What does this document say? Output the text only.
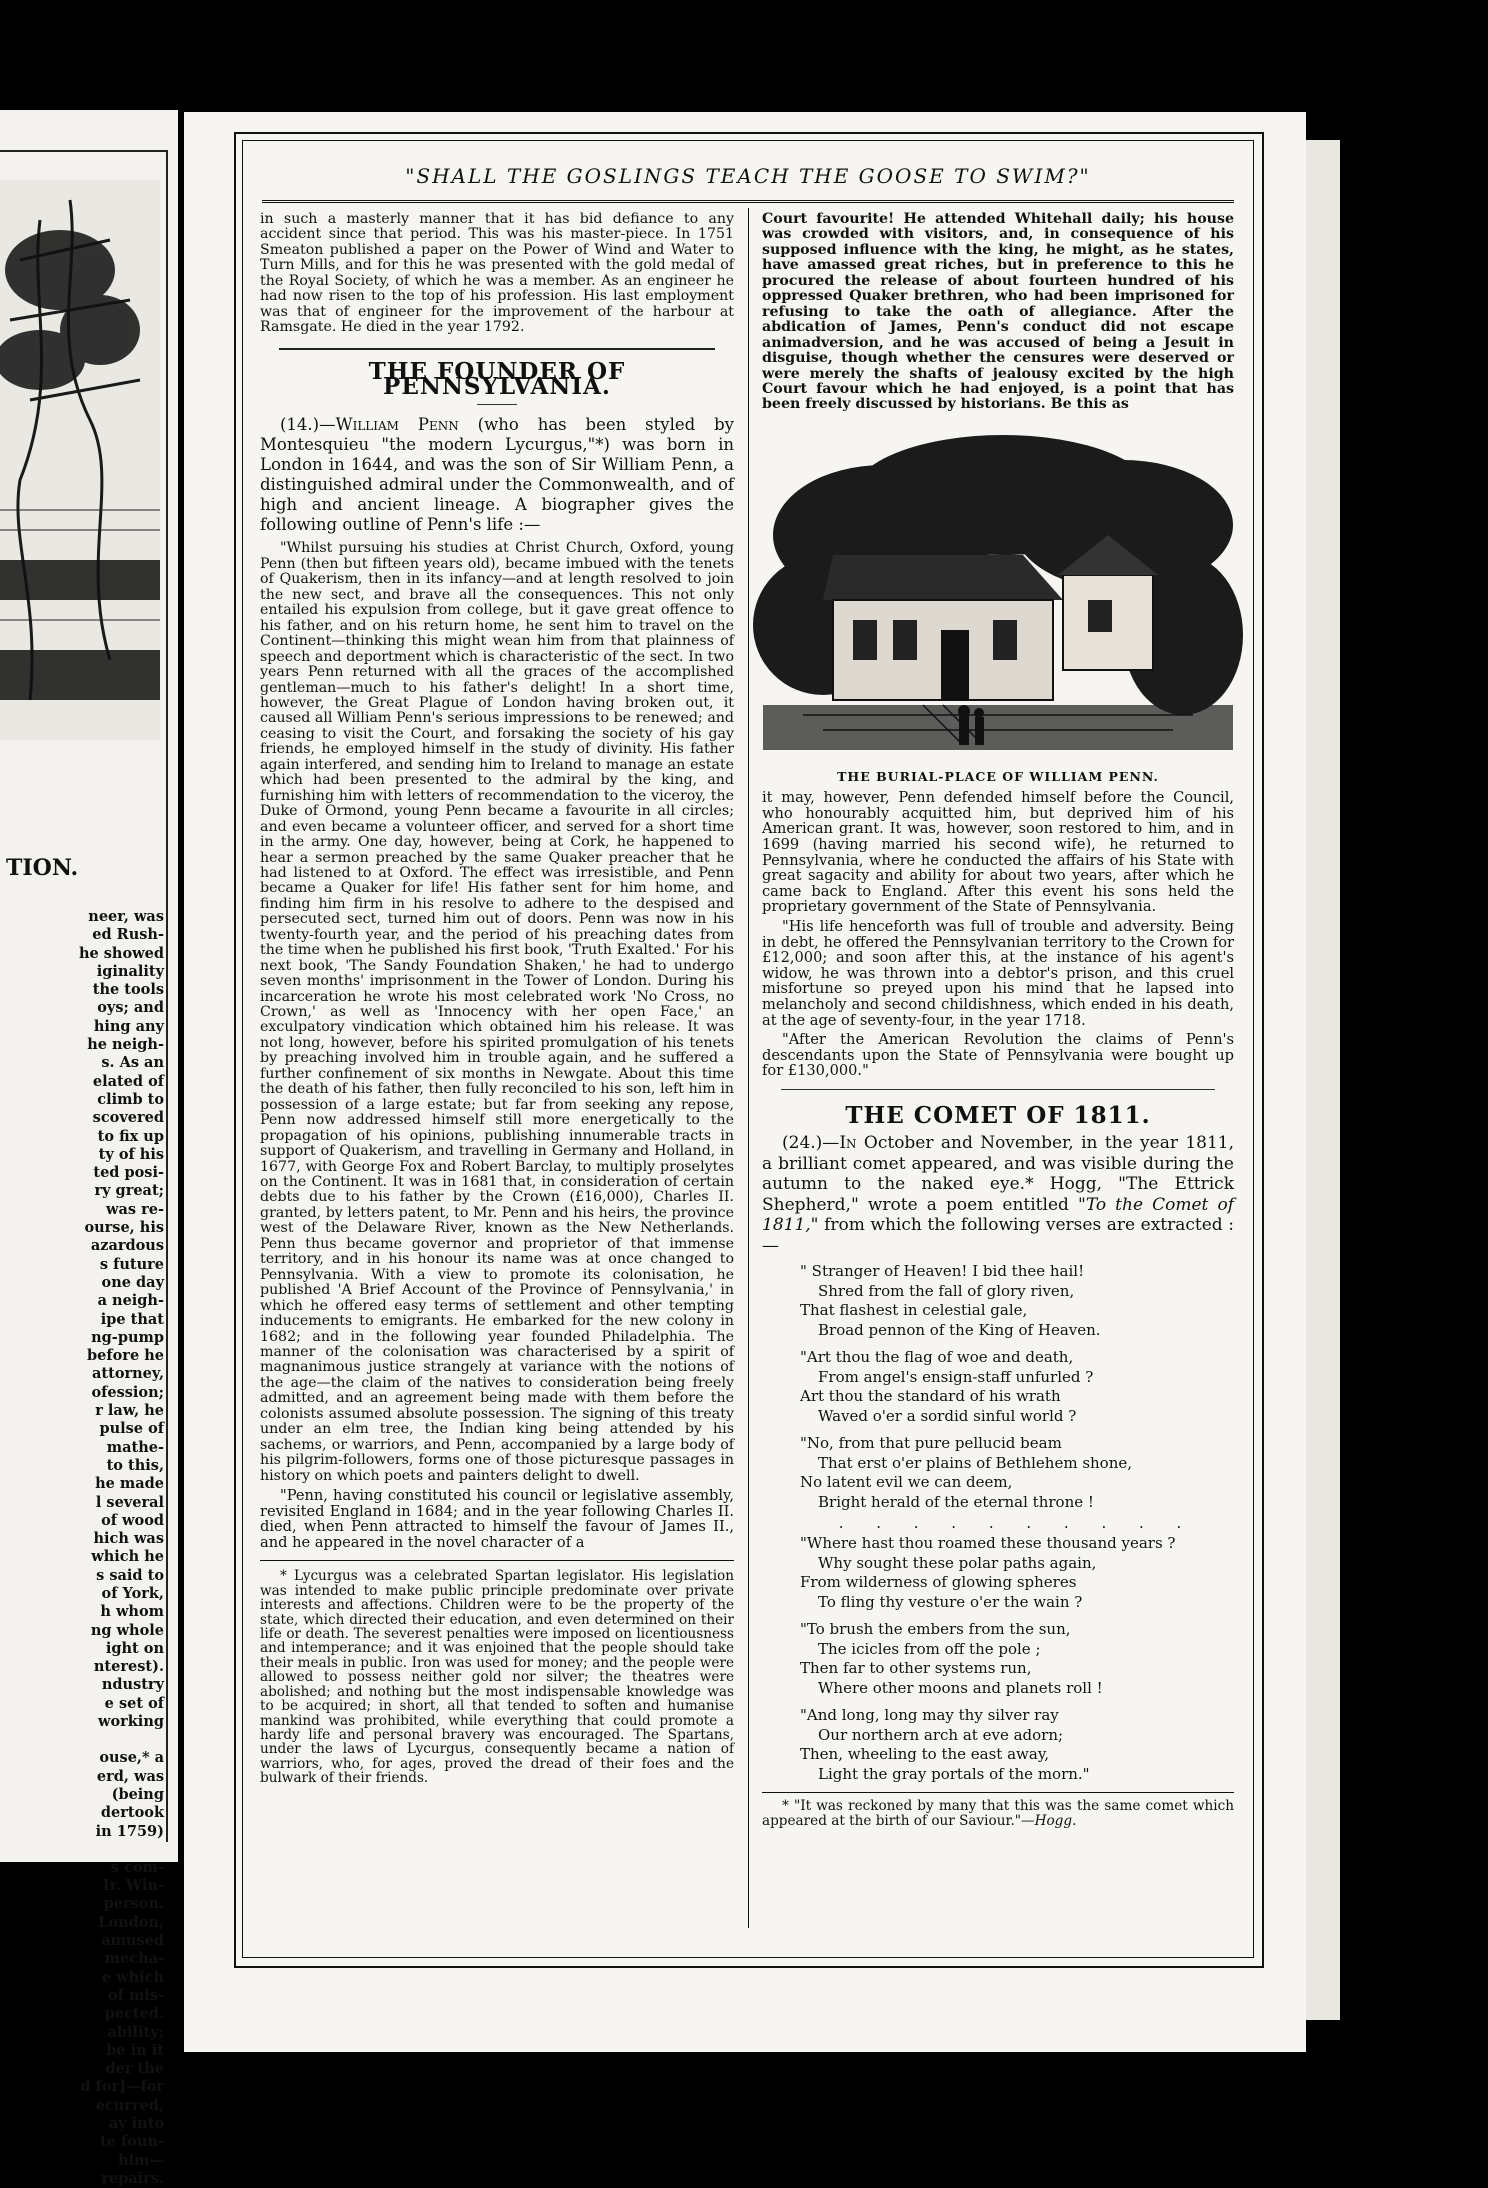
TION.
neer, was
ed Rush-
he showed
iginality
the tools
oys; and
hing any
he neigh-
s. As an
elated of
climb to
scovered
to fix up
ty of his
ted posi-
ry great;
was re-
ourse, his
azardous
s future
one day
a neigh-
ipe that
ng-pump
before he
attorney,
ofession;
r law, he
pulse of
mathe-
to this,
he made
l several
of wood
hich was
which he
s said to
of York,
h whom
ng whole
ight on
nterest).
ndustry
e set of
working
ouse,* a
erd, was
(being
dertook
in 1759)
s com-
Ir. Win-
person.
London,
amused
mecha-
e which
of mis-
pected.
ability;
be in it
der the
d for]—for
ecurred,
ay into
te foun-
hlm—
repairs.
"SHALL THE GOSLINGS TEACH THE GOOSE TO SWIM?"

in such a masterly manner that it has bid defiance to any accident since that period. This was his master-piece. In 1751 Smeaton published a paper on the Power of Wind and Water to Turn Mills, and for this he was presented with the gold medal of the Royal Society, of which he was a member. As an engineer he had now risen to the top of his profession. His last employment was that of engineer for the improvement of the harbour at Ramsgate. He died in the year 1792.

THE FOUNDER OF PENNSYLVANIA.

(14.)—William Penn (who has been styled by Montesquieu "the modern Lycurgus,"*) was born in London in 1644, and was the son of Sir William Penn, a distinguished admiral under the Commonwealth, and of high and ancient lineage. A biographer gives the following outline of Penn's life :—

"Whilst pursuing his studies at Christ Church, Oxford, young Penn (then but fifteen years old), became imbued with the tenets of Quakerism, then in its infancy—and at length resolved to join the new sect, and brave all the consequences. This not only entailed his expulsion from college, but it gave great offence to his father, and on his return home, he sent him to travel on the Continent—thinking this might wean him from that plainness of speech and deportment which is characteristic of the sect. In two years Penn returned with all the graces of the accomplished gentleman—much to his father's delight! In a short time, however, the Great Plague of London having broken out, it caused all William Penn's serious impressions to be renewed; and ceasing to visit the Court, and forsaking the society of his gay friends, he employed himself in the study of divinity. His father again interfered, and sending him to Ireland to manage an estate which had been presented to the admiral by the king, and furnishing him with letters of recommendation to the viceroy, the Duke of Ormond, young Penn became a favourite in all circles; and even became a volunteer officer, and served for a short time in the army. One day, however, being at Cork, he happened to hear a sermon preached by the same Quaker preacher that he had listened to at Oxford. The effect was irresistible, and Penn became a Quaker for life! His father sent for him home, and finding him firm in his resolve to adhere to the despised and persecuted sect, turned him out of doors. Penn was now in his twenty-fourth year, and the period of his preaching dates from the time when he published his first book, 'Truth Exalted.' For his next book, 'The Sandy Foundation Shaken,' he had to undergo seven months' imprisonment in the Tower of London. During his incarceration he wrote his most celebrated work 'No Cross, no Crown,' as well as 'Innocency with her open Face,' an exculpatory vindication which obtained him his release. It was not long, however, before his spirited promulgation of his tenets by preaching involved him in trouble again, and he suffered a further confinement of six months in Newgate. About this time the death of his father, then fully reconciled to his son, left him in possession of a large estate; but far from seeking any repose, Penn now addressed himself still more energetically to the propagation of his opinions, publishing innumerable tracts in support of Quakerism, and travelling in Germany and Holland, in 1677, with George Fox and Robert Barclay, to multiply proselytes on the Continent. It was in 1681 that, in consideration of certain debts due to his father by the Crown (£16,000), Charles II. granted, by letters patent, to Mr. Penn and his heirs, the province west of the Delaware River, known as the New Netherlands. Penn thus became governor and proprietor of that immense territory, and in his honour its name was at once changed to Pennsylvania. With a view to promote its colonisation, he published 'A Brief Account of the Province of Pennsylvania,' in which he offered easy terms of settlement and other tempting inducements to emigrants. He embarked for the new colony in 1682; and in the following year founded Philadelphia. The manner of the colonisation was characterised by a spirit of magnanimous justice strangely at variance with the notions of the age—the claim of the natives to consideration being freely admitted, and an agreement being made with them before the colonists assumed absolute possession. The signing of this treaty under an elm tree, the Indian king being attended by his sachems, or warriors, and Penn, accompanied by a large body of his pilgrim-followers, forms one of those picturesque passages in history on which poets and painters delight to dwell.

"Penn, having constituted his council or legislative assembly, revisited England in 1684; and in the year following Charles II. died, when Penn attracted to himself the favour of James II., and he appeared in the novel character of a

* Lycurgus was a celebrated Spartan legislator. His legislation was intended to make public principle predominate over private interests and affections. Children were to be the property of the state, which directed their education, and even determined on their life or death. The severest penalties were imposed on licentiousness and intemperance; and it was enjoined that the people should take their meals in public. Iron was used for money; and the people were allowed to possess neither gold nor silver; the theatres were abolished; and nothing but the most indispensable knowledge was to be acquired; in short, all that tended to soften and humanise mankind was prohibited, while everything that could promote a hardy life and personal bravery was encouraged. The Spartans, under the laws of Lycurgus, consequently became a nation of warriors, who, for ages, proved the dread of their foes and the bulwark of their friends.

Court favourite! He attended Whitehall daily; his house was crowded with visitors, and, in consequence of his supposed influence with the king, he might, as he states, have amassed great riches, but in preference to this he procured the release of about fourteen hundred of his oppressed Quaker brethren, who had been imprisoned for refusing to take the oath of allegiance. After the abdication of James, Penn's conduct did not escape animadversion, and he was accused of being a Jesuit in disguise, though whether the censures were deserved or were merely the shafts of jealousy excited by the high Court favour which he had enjoyed, is a point that has been freely discussed by historians. Be this as

THE BURIAL-PLACE OF WILLIAM PENN.

it may, however, Penn defended himself before the Council, who honourably acquitted him, but deprived him of his American grant. It was, however, soon restored to him, and in 1699 (having married his second wife), he returned to Pennsylvania, where he conducted the affairs of his State with great sagacity and ability for about two years, after which he came back to England. After this event his sons held the proprietary government of the State of Pennsylvania.

"His life henceforth was full of trouble and adversity. Being in debt, he offered the Pennsylvanian territory to the Crown for £12,000; and soon after this, at the instance of his agent's widow, he was thrown into a debtor's prison, and this cruel misfortune so preyed upon his mind that he lapsed into melancholy and second childishness, which ended in his death, at the age of seventy-four, in the year 1718.

"After the American Revolution the claims of Penn's descendants upon the State of Pennsylvania were bought up for £130,000."

THE COMET OF 1811.

(24.)—In October and November, in the year 1811, a brilliant comet appeared, and was visible during the autumn to the naked eye.* Hogg, "The Ettrick Shepherd," wrote a poem entitled "To the Comet of 1811," from which the following verses are extracted :—

" Stranger of Heaven! I bid thee hail!
Shred from the fall of glory riven,
That flashest in celestial gale,
Broad pennon of the King of Heaven.
"Art thou the flag of woe and death,
From angel's ensign-staff unfurled ?
Art thou the standard of his wrath
Waved o'er a sordid sinful world ?
"No, from that pure pellucid beam
That erst o'er plains of Bethlehem shone,
No latent evil we can deem,
Bright herald of the eternal throne !
. . . . . . . . . .
"Where hast thou roamed these thousand years ?
Why sought these polar paths again,
From wilderness of glowing spheres
To fling thy vesture o'er the wain ?
"To brush the embers from the sun,
The icicles from off the pole ;
Then far to other systems run,
Where other moons and planets roll !
"And long, long may thy silver ray
Our northern arch at eve adorn;
Then, wheeling to the east away,
Light the gray portals of the morn."

* "It was reckoned by many that this was the same comet which appeared at the birth of our Saviour."—Hogg.
